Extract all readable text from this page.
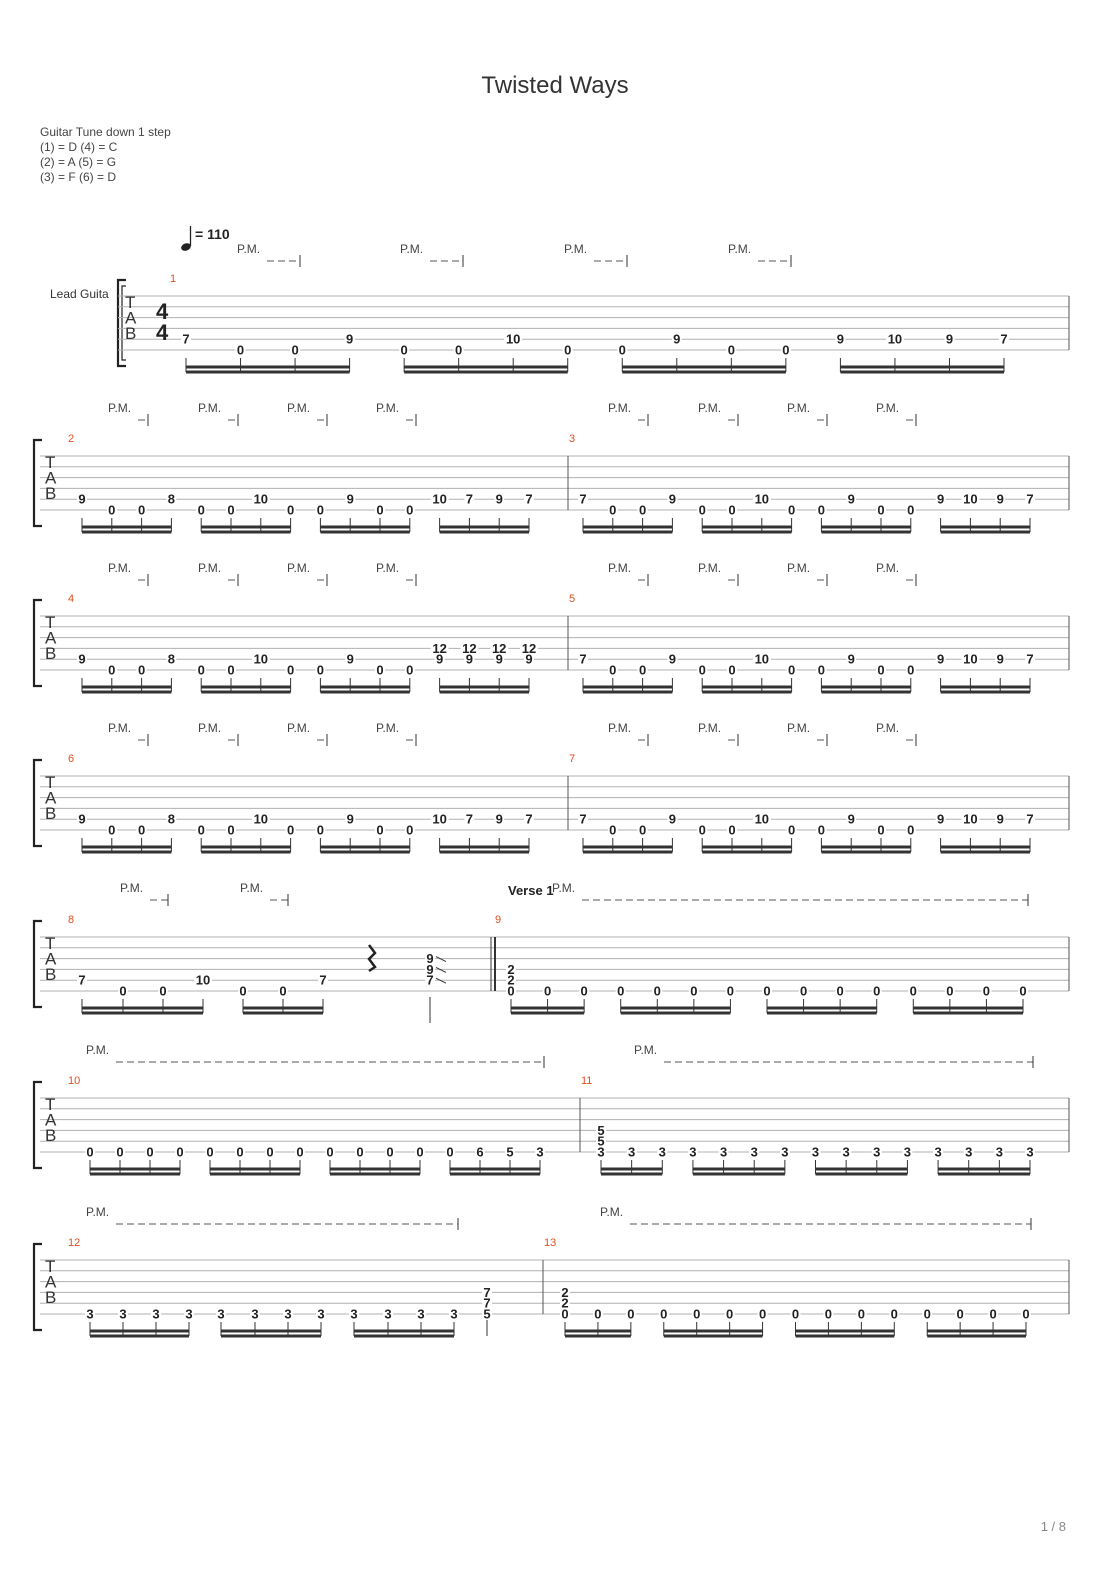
Twisted Ways
Guitar Tune down 1 step
(1) = D (4) = C
(2) = A (5) = G
(3) = F (6) = D
= 110
Lead Guita T
A
B
4
4
1
7
0	0
9
0	0
10
0	0
9
0	0
9	10	9	7
P.M.	P.M.	P.M.	P.M.
T
A
B
2
9
0 0
8
0 0
10
0 0
9
0 0
10 7 9 7
3
7
0 0
9
0 0
10
0 0
9
0 0
9 10 9 7
P.M.	P.M.	P.M.	P.M.	P.M.	P.M.	P.M.	P.M.
T
A
B
4
9
0 0
8
0 0
10
0 0
9
0 0
12
9
12
9
12
9
12
9
5
7
0 0
9
0 0
10
0 0
9
0 0
9 10 9 7
P.M.	P.M.	P.M.	P.M.	P.M.	P.M.	P.M.	P.M.
T
A
B
6
9
0 0
8
0 0
10
0 0
9
0 0
10 7 9 7
7
7
0 0
9
0 0
10
0 0
9
0 0
9 10 9 7
P.M.	P.M.	P.M.	P.M.	P.M.	P.M.	P.M.	P.M.
T
A
B
8
7
0	0
10
0	0
7
9
9
7
9
2
2
0 0 0 0 0 0 0 0 0 0 0 0 0 0 0
P.M.	P.M.	P.M.
Verse 1
T
A
B
10
0 0 0 0 0 0 0 0 0 0 0 0 0 6 5 3
11
5
5
3 3 3 3 3 3 3 3 3 3 3 3 3 3 3
P.M.	P.M.
T
A
B
12
3 3 3 3 3 3 3 3 3 3 3 3
7
7
5
13
2
2
0 0 0 0 0 0 0 0 0 0 0 0 0 0 0
P.M.	P.M.
1 / 8
